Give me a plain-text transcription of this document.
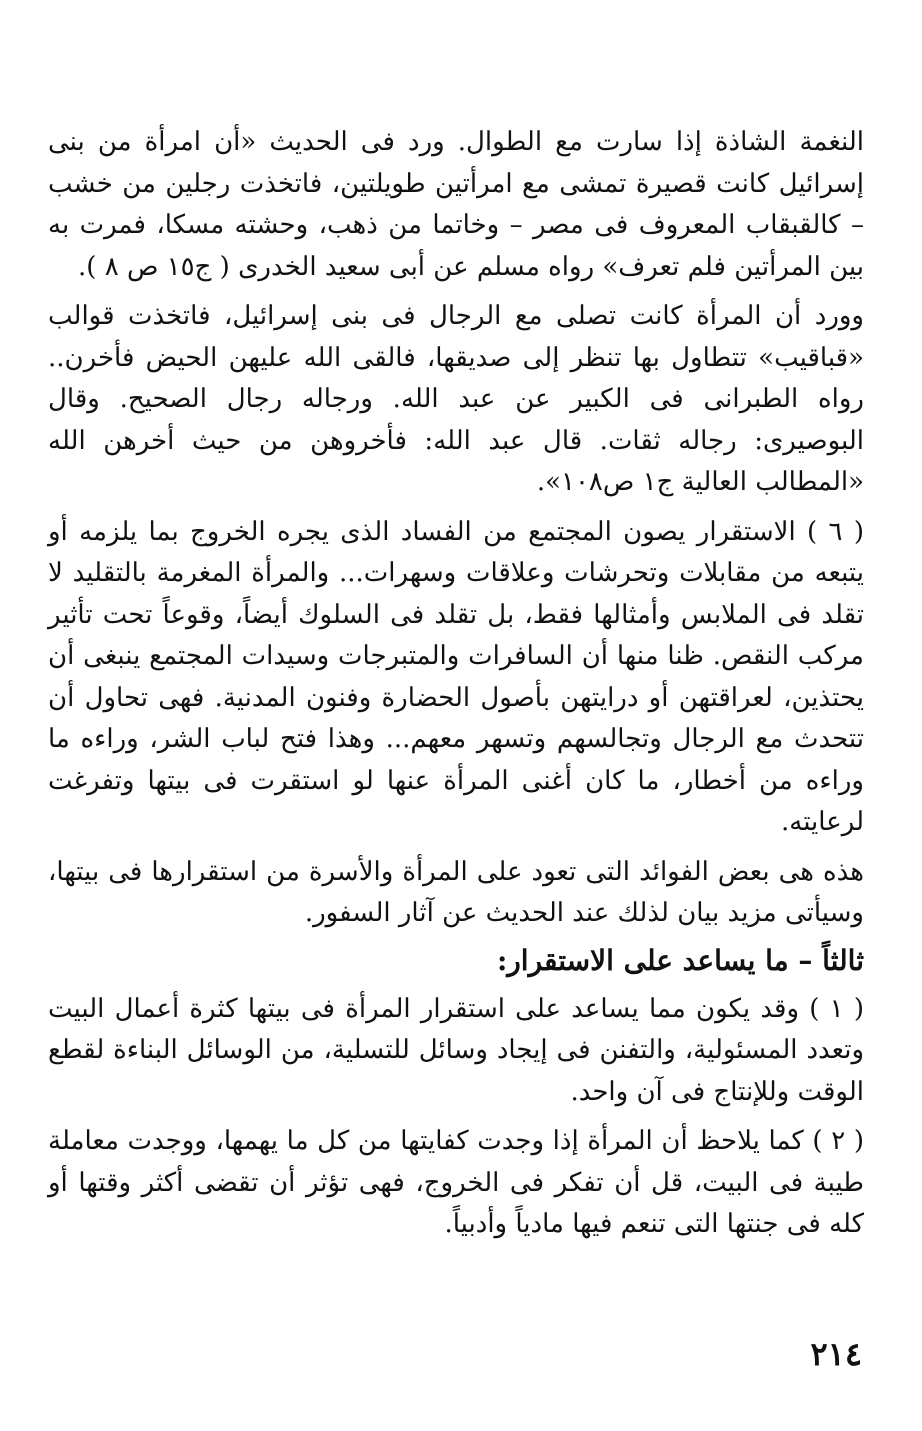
النغمة الشاذة إذا سارت مع الطوال. ورد فى الحديث «أن امرأة من بنى إسرائيل كانت قصيرة تمشى مع امرأتين طويلتين، فاتخذت رجلين من خشب – كالقبقاب المعروف فى مصر – وخاتما من ذهب، وحشته مسكا، فمرت به بين المرأتين فلم تعرف» رواه مسلم عن أبى سعيد الخدرى ( ج١٥ ص ٨ ).

وورد أن المرأة كانت تصلى مع الرجال فى بنى إسرائيل، فاتخذت قوالب «قباقيب» تتطاول بها تنظر إلى صديقها، فالقى الله عليهن الحيض فأخرن.. رواه الطبرانى فى الكبير عن عبد الله. ورجاله رجال الصحيح. وقال البوصيرى: رجاله ثقات. قال عبد الله: فأخروهن من حيث أخرهن الله «المطالب العالية ج١ ص١٠٨».

( ٦ ) الاستقرار يصون المجتمع من الفساد الذى يجره الخروج بما يلزمه أو يتبعه من مقابلات وتحرشات وعلاقات وسهرات... والمرأة المغرمة بالتقليد لا تقلد فى الملابس وأمثالها فقط، بل تقلد فى السلوك أيضاً، وقوعاً تحت تأثير مركب النقص. ظنا منها أن السافرات والمتبرجات وسيدات المجتمع ينبغى أن يحتذين، لعراقتهن أو درايتهن بأصول الحضارة وفنون المدنية. فهى تحاول أن تتحدث مع الرجال وتجالسهم وتسهر معهم... وهذا فتح لباب الشر، وراءه ما وراءه من أخطار، ما كان أغنى المرأة عنها لو استقرت فى بيتها وتفرغت لرعايته.

هذه هى بعض الفوائد التى تعود على المرأة والأسرة من استقرارها فى بيتها، وسيأتى مزيد بيان لذلك عند الحديث عن آثار السفور.

ثالثاً – ما يساعد على الاستقرار:

( ١ ) وقد يكون مما يساعد على استقرار المرأة فى بيتها كثرة أعمال البيت وتعدد المسئولية، والتفنن فى إيجاد وسائل للتسلية، من الوسائل البناءة لقطع الوقت وللإنتاج فى آن واحد.

( ٢ ) كما يلاحظ أن المرأة إذا وجدت كفايتها من كل ما يهمها، ووجدت معاملة طيبة فى البيت، قل أن تفكر فى الخروج، فهى تؤثر أن تقضى أكثر وقتها أو كله فى جنتها التى تنعم فيها مادياً وأدبياً.

٢١٤
